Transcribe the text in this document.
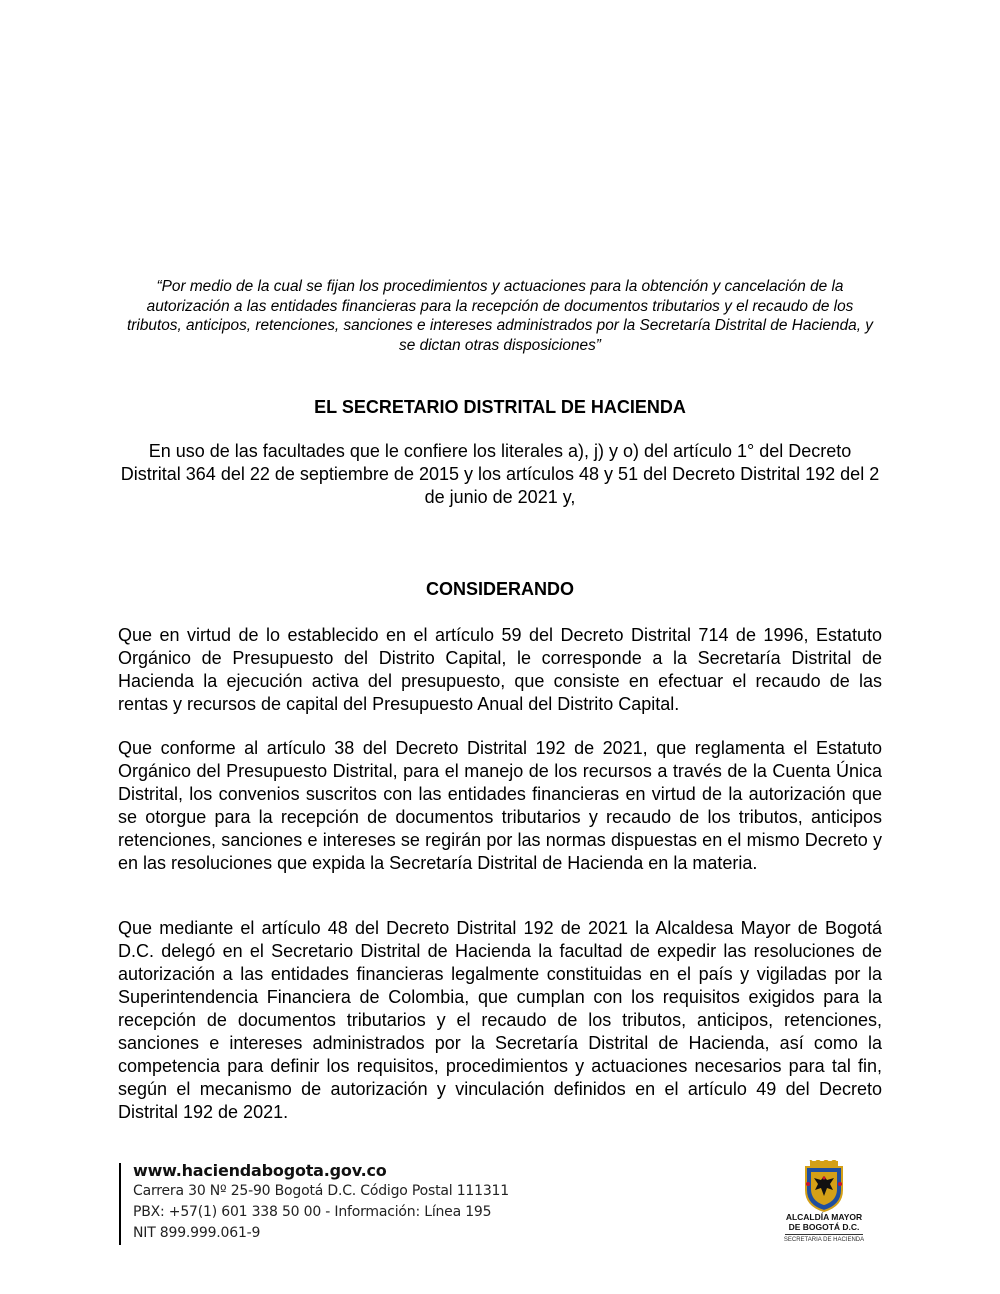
“Por medio de la cual se fijan los procedimientos y actuaciones para la obtención y cancelación de la autorización a las entidades financieras para la recepción de documentos tributarios y el recaudo de los tributos, anticipos, retenciones, sanciones e intereses administrados por la Secretaría Distrital de Hacienda, y se dictan otras disposiciones”
EL SECRETARIO DISTRITAL DE HACIENDA
En uso de las facultades que le confiere los literales a), j) y o) del artículo 1° del Decreto Distrital 364 del 22 de septiembre de 2015 y los artículos 48 y 51 del Decreto Distrital 192 del 2 de junio de 2021 y,
CONSIDERANDO
Que en virtud de lo establecido en el artículo 59 del Decreto Distrital 714 de 1996, Estatuto Orgánico de Presupuesto del Distrito Capital, le corresponde a la Secretaría Distrital de Hacienda la ejecución activa del presupuesto, que consiste en efectuar el recaudo de las rentas y recursos de capital del Presupuesto Anual del Distrito Capital.
Que conforme al artículo 38 del Decreto Distrital 192 de 2021, que reglamenta el Estatuto Orgánico del Presupuesto Distrital, para el manejo de los recursos a través de la Cuenta Única Distrital, los convenios suscritos con las entidades financieras en virtud de la autorización que se otorgue para la recepción de documentos tributarios y recaudo de los tributos, anticipos retenciones, sanciones e intereses se regirán por las normas dispuestas en el mismo Decreto y en las resoluciones que expida la Secretaría Distrital de Hacienda en la materia.
Que mediante el artículo 48 del Decreto Distrital 192 de 2021 la Alcaldesa Mayor de Bogotá D.C. delegó en el Secretario Distrital de Hacienda la facultad de expedir las resoluciones de autorización a las entidades financieras legalmente constituidas en el país y vigiladas por la Superintendencia Financiera de Colombia, que cumplan con los requisitos exigidos para la recepción de documentos tributarios y el recaudo de los tributos, anticipos, retenciones, sanciones e intereses administrados por la Secretaría Distrital de Hacienda, así como la competencia para definir los requisitos, procedimientos y actuaciones necesarios para tal fin, según el mecanismo de autorización y vinculación definidos en el artículo 49 del Decreto Distrital 192 de 2021.
www.haciendabogota.gov.co
Carrera 30 Nº 25-90 Bogotá D.C. Código Postal 111311
PBX: +57(1) 601 338 50 00 - Información: Línea 195
NIT 899.999.061-9
ALCALDÍA MAYOR
DE BOGOTÁ D.C.
SECRETARIA DE HACIENDA
